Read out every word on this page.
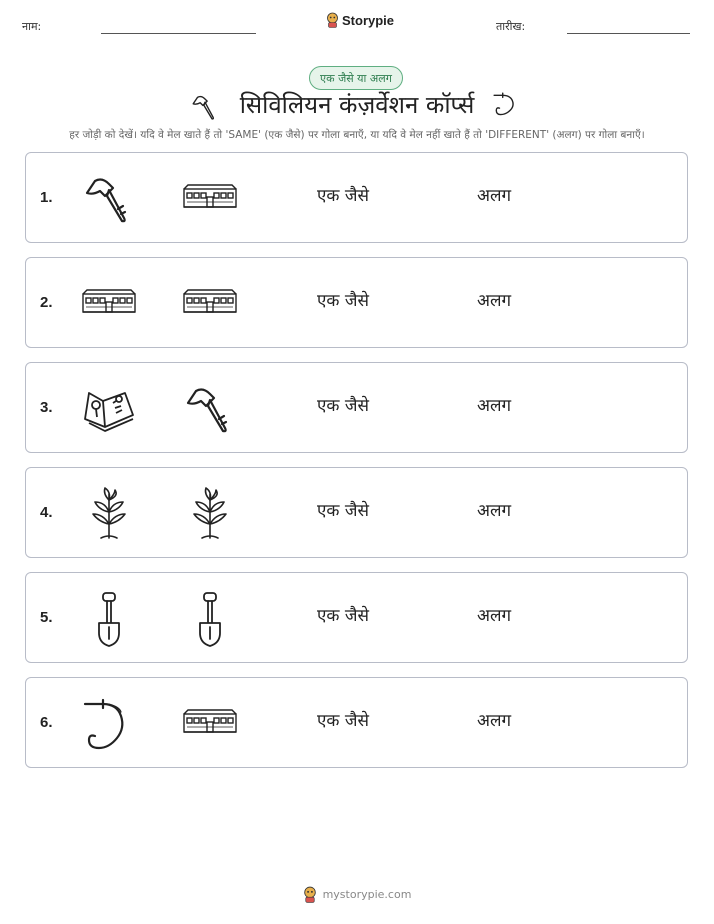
नाम:	Storypie	तारीख:
एक जैसे या अलग
सिविलियन कंज़र्वेशन कॉर्प्स
हर जोड़ी को देखें। यदि वे मेल खाते हैं तो 'SAME' (एक जैसे) पर गोला बनाएँ, या यदि वे मेल नहीं खाते हैं तो 'DIFFERENT' (अलग) पर गोला बनाएँ।
1.	एक जैसे	अलग
2.	एक जैसे	अलग
3.	एक जैसे	अलग
4.	एक जैसे	अलग
5.	एक जैसे	अलग
6.	एक जैसे	अलग
mystorypie.com
